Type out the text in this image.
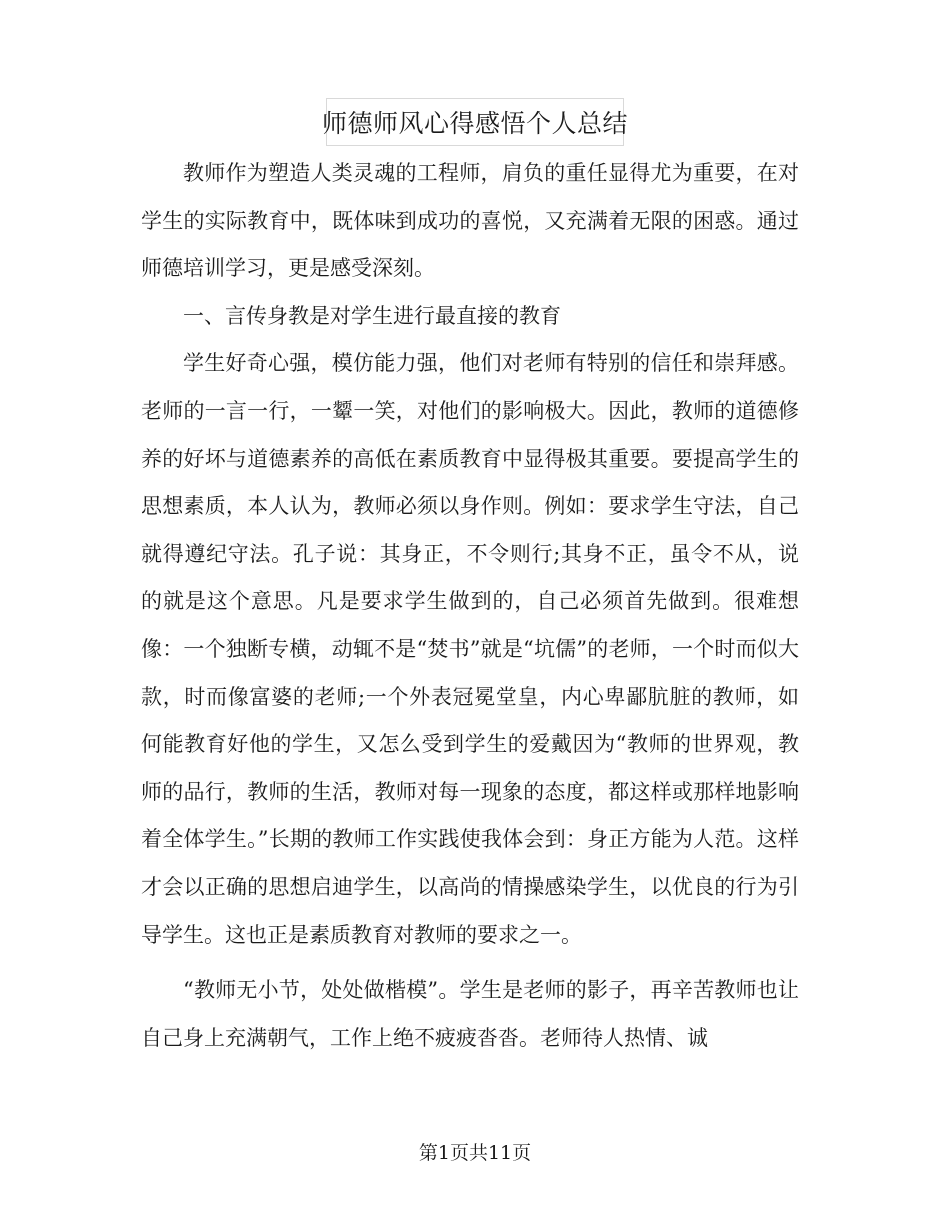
师德师风心得感悟个人总结

教师作为塑造人类灵魂的工程师，肩负的重任显得尤为重要，在对学生的实际教育中，既体味到成功的喜悦，又充满着无限的困惑。通过师德培训学习，更是感受深刻。

一、言传身教是对学生进行最直接的教育

学生好奇心强，模仿能力强，他们对老师有特别的信任和崇拜感。老师的一言一行，一颦一笑，对他们的影响极大。因此，教师的道德修养的好坏与道德素养的高低在素质教育中显得极其重要。要提高学生的思想素质，本人认为，教师必须以身作则。例如：要求学生守法，自己就得遵纪守法。孔子说：其身正，不令则行;其身不正，虽令不从，说的就是这个意思。凡是要求学生做到的，自己必须首先做到。很难想像：一个独断专横，动辄不是“焚书”就是“坑儒”的老师，一个时而似大款，时而像富婆的老师;一个外表冠冕堂皇，内心卑鄙肮脏的教师，如何能教育好他的学生，又怎么受到学生的爱戴因为“教师的世界观，教师的品行，教师的生活，教师对每一现象的态度，都这样或那样地影响着全体学生。”长期的教师工作实践使我体会到：身正方能为人范。这样才会以正确的思想启迪学生，以高尚的情操感染学生，以优良的行为引导学生。这也正是素质教育对教师的要求之一。

“教师无小节，处处做楷模”。学生是老师的影子，再辛苦教师也让自己身上充满朝气，工作上绝不疲疲沓沓。老师待人热情、诚

第1页共11页
